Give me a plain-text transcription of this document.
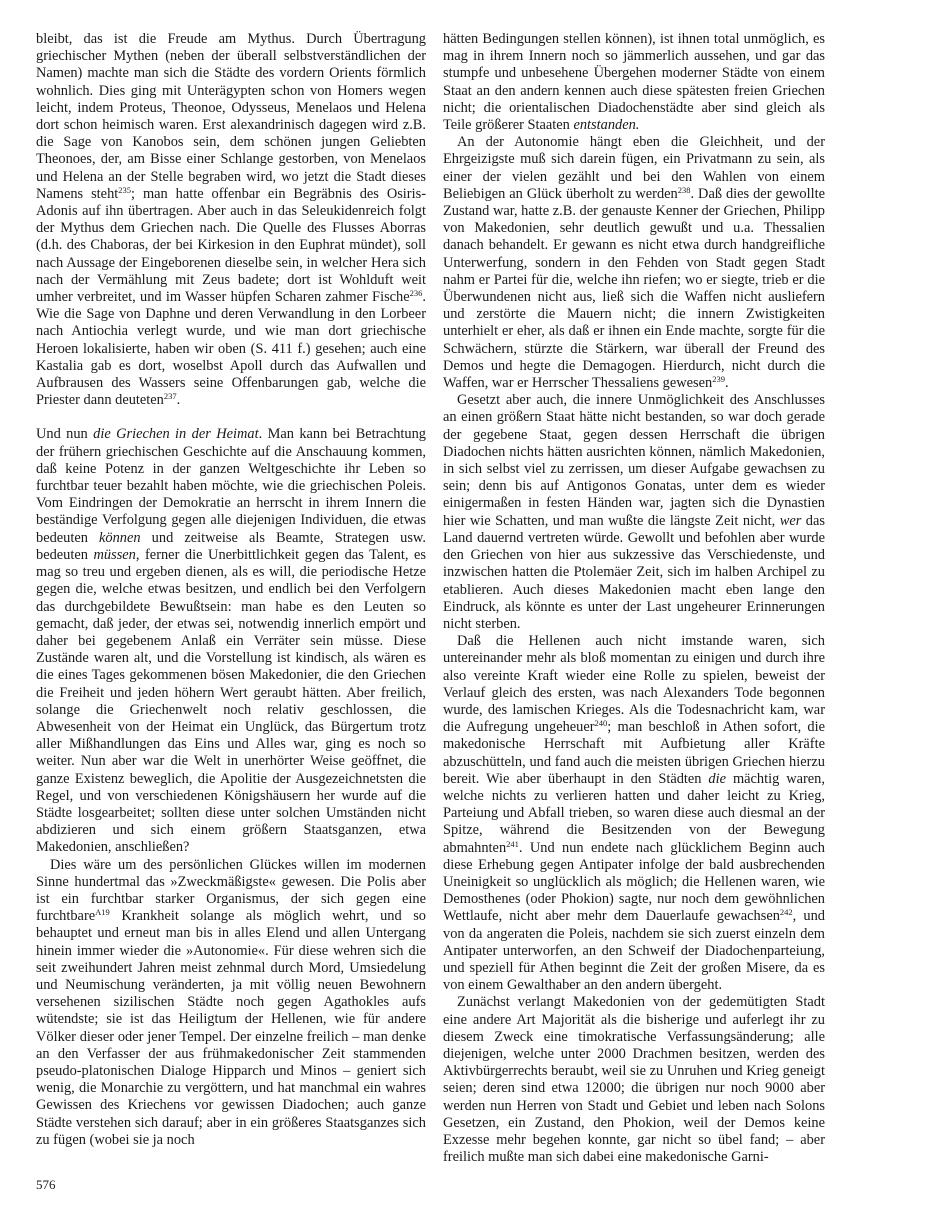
bleibt, das ist die Freude am Mythus. Durch Übertragung griechischer Mythen (neben der überall selbstverständlichen der Namen) machte man sich die Städte des vordern Orients förmlich wohnlich. Dies ging mit Unterägypten schon von Homers wegen leicht, indem Proteus, Theonoe, Odysseus, Menelaos und Helena dort schon heimisch waren. Erst alexandrinisch dagegen wird z.B. die Sage von Kanobos sein, dem schönen jungen Geliebten Theonoes, der, am Bisse einer Schlange gestorben, von Menelaos und Helena an der Stelle begraben wird, wo jetzt die Stadt dieses Namens steht$^{235}$; man hatte offenbar ein Begräbnis des Osiris-Adonis auf ihn übertragen. Aber auch in das Seleukidenreich folgt der Mythus dem Griechen nach. Die Quelle des Flusses Aborras (d.h. des Chaboras, der bei Kirkesion in den Euphrat mündet), soll nach Aussage der Eingeborenen dieselbe sein, in welcher Hera sich nach der Vermählung mit Zeus badete; dort ist Wohlduft weit umher verbreitet, und im Wasser hüpfen Scharen zahmer Fische$^{236}$. Wie die Sage von Daphne und deren Verwandlung in den Lorbeer nach Antiochia verlegt wurde, und wie man dort griechische Heroen lokalisierte, haben wir oben (S. 411 f.) gesehen; auch eine Kastalia gab es dort, woselbst Apoll durch das Aufwallen und Aufbrausen des Wassers seine Offenbarungen gab, welche die Priester dann deuteten$^{237}$.

Und nun die Griechen in der Heimat. Man kann bei Betrachtung der frühern griechischen Geschichte auf die Anschauung kommen, daß keine Potenz in der ganzen Weltgeschichte ihr Leben so furchtbar teuer bezahlt haben möchte, wie die griechischen Poleis. Vom Eindringen der Demokratie an herrscht in ihrem Innern die beständige Verfolgung gegen alle diejenigen Individuen, die etwas bedeuten können und zeitweise als Beamte, Strategen usw. bedeuten müssen, ferner die Unerbittlichkeit gegen das Talent, es mag so treu und ergeben dienen, als es will, die periodische Hetze gegen die, welche etwas besitzen, und endlich bei den Verfolgern das durchgebildete Bewußtsein: man habe es den Leuten so gemacht, daß jeder, der etwas sei, notwendig innerlich empört und daher bei gegebenem Anlaß ein Verräter sein müsse. Diese Zustände waren alt, und die Vorstellung ist kindisch, als wären es die eines Tages gekommenen bösen Makedonier, die den Griechen die Freiheit und jeden höhern Wert geraubt hätten. Aber freilich, solange die Griechenwelt noch relativ geschlossen, die Abwesenheit von der Heimat ein Unglück, das Bürgertum trotz aller Mißhandlungen das Eins und Alles war, ging es noch so weiter. Nun aber war die Welt in unerhörter Weise geöffnet, die ganze Existenz beweglich, die Apolitie der Ausgezeichnetsten die Regel, und von verschiedenen Königshäusern her wurde auf die Städte losgearbeitet; sollten diese unter solchen Umständen nicht abdizieren und sich einem größern Staatsganzen, etwa Makedonien, anschließen?

Dies wäre um des persönlichen Glückes willen im modernen Sinne hundertmal das »Zweckmäßigste« gewesen. Die Polis aber ist ein furchtbar starker Organismus, der sich gegen eine furchtbare$^{A19}$ Krankheit solange als möglich wehrt, und so behauptet und erneut man bis in alles Elend und allen Untergang hinein immer wieder die »Autonomie«. Für diese wehren sich die seit zweihundert Jahren meist zehnmal durch Mord, Umsiedelung und Neumischung veränderten, ja mit völlig neuen Bewohnern versehenen sizilischen Städte noch gegen Agathokles aufs wütendste; sie ist das Heiligtum der Hellenen, wie für andere Völker dieser oder jener Tempel. Der einzelne freilich – man denke an den Verfasser der aus frühmakedonischer Zeit stammenden pseudo-platonischen Dialoge Hipparch und Minos – geniert sich wenig, die Monarchie zu vergöttern, und hat manchmal ein wahres Gewissen des Kriechens vor gewissen Diadochen; auch ganze Städte verstehen sich darauf; aber in ein größeres Staatsganzes sich zu fügen (wobei sie ja noch

hätten Bedingungen stellen können), ist ihnen total unmöglich, es mag in ihrem Innern noch so jämmerlich aussehen, und gar das stumpfe und unbesehene Übergehen moderner Städte von einem Staat an den andern kennen auch diese spätesten freien Griechen nicht; die orientalischen Diadochenstädte aber sind gleich als Teile größerer Staaten entstanden.

An der Autonomie hängt eben die Gleichheit, und der Ehrgeizigste muß sich darein fügen, ein Privatmann zu sein, als einer der vielen gezählt und bei den Wahlen von einem Beliebigen an Glück überholt zu werden$^{238}$. Daß dies der gewollte Zustand war, hatte z.B. der genauste Kenner der Griechen, Philipp von Makedonien, sehr deutlich gewußt und u.a. Thessalien danach behandelt. Er gewann es nicht etwa durch handgreifliche Unterwerfung, sondern in den Fehden von Stadt gegen Stadt nahm er Partei für die, welche ihn riefen; wo er siegte, trieb er die Überwundenen nicht aus, ließ sich die Waffen nicht ausliefern und zerstörte die Mauern nicht; die innern Zwistigkeiten unterhielt er eher, als daß er ihnen ein Ende machte, sorgte für die Schwächern, stürzte die Stärkern, war überall der Freund des Demos und hegte die Demagogen. Hierdurch, nicht durch die Waffen, war er Herrscher Thessaliens gewesen$^{239}$.

Gesetzt aber auch, die innere Unmöglichkeit des Anschlusses an einen größern Staat hätte nicht bestanden, so war doch gerade der gegebene Staat, gegen dessen Herrschaft die übrigen Diadochen nichts hätten ausrichten können, nämlich Makedonien, in sich selbst viel zu zerrissen, um dieser Aufgabe gewachsen zu sein; denn bis auf Antigonos Gonatas, unter dem es wieder einigermaßen in festen Händen war, jagten sich die Dynastien hier wie Schatten, und man wußte die längste Zeit nicht, wer das Land dauernd vertreten würde. Gewollt und befohlen aber wurde den Griechen von hier aus sukzessive das Verschiedenste, und inzwischen hatten die Ptolemäer Zeit, sich im halben Archipel zu etablieren. Auch dieses Makedonien macht eben lange den Eindruck, als könnte es unter der Last ungeheurer Erinnerungen nicht sterben.

Daß die Hellenen auch nicht imstande waren, sich untereinander mehr als bloß momentan zu einigen und durch ihre also vereinte Kraft wieder eine Rolle zu spielen, beweist der Verlauf gleich des ersten, was nach Alexanders Tode begonnen wurde, des lamischen Krieges. Als die Todesnachricht kam, war die Aufregung ungeheuer$^{240}$; man beschloß in Athen sofort, die makedonische Herrschaft mit Aufbietung aller Kräfte abzuschütteln, und fand auch die meisten übrigen Griechen hierzu bereit. Wie aber überhaupt in den Städten die mächtig waren, welche nichts zu verlieren hatten und daher leicht zu Krieg, Parteiung und Abfall trieben, so waren diese auch diesmal an der Spitze, während die Besitzenden von der Bewegung abmahnten$^{241}$. Und nun endete nach glücklichem Beginn auch diese Erhebung gegen Antipater infolge der bald ausbrechenden Uneinigkeit so unglücklich als möglich; die Hellenen waren, wie Demosthenes (oder Phokion) sagte, nur noch dem gewöhnlichen Wettlaufe, nicht aber mehr dem Dauerlaufe gewachsen$^{242}$, und von da angeraten die Poleis, nachdem sie sich zuerst einzeln dem Antipater unterworfen, an den Schweif der Diadochenparteiung, und speziell für Athen beginnt die Zeit der großen Misere, da es von einem Gewalthaber an den andern übergeht.

Zunächst verlangt Makedonien von der gedemütigten Stadt eine andere Art Majorität als die bisherige und auferlegt ihr zu diesem Zweck eine timokratische Verfassungsänderung; alle diejenigen, welche unter 2000 Drachmen besitzen, werden des Aktivbürgerrechts beraubt, weil sie zu Unruhen und Krieg geneigt seien; deren sind etwa 12000; die übrigen nur noch 9000 aber werden nun Herren von Stadt und Gebiet und leben nach Solons Gesetzen, ein Zustand, den Phokion, weil der Demos keine Exzesse mehr begehen konnte, gar nicht so übel fand; – aber freilich mußte man sich dabei eine makedonische Garni-

576
